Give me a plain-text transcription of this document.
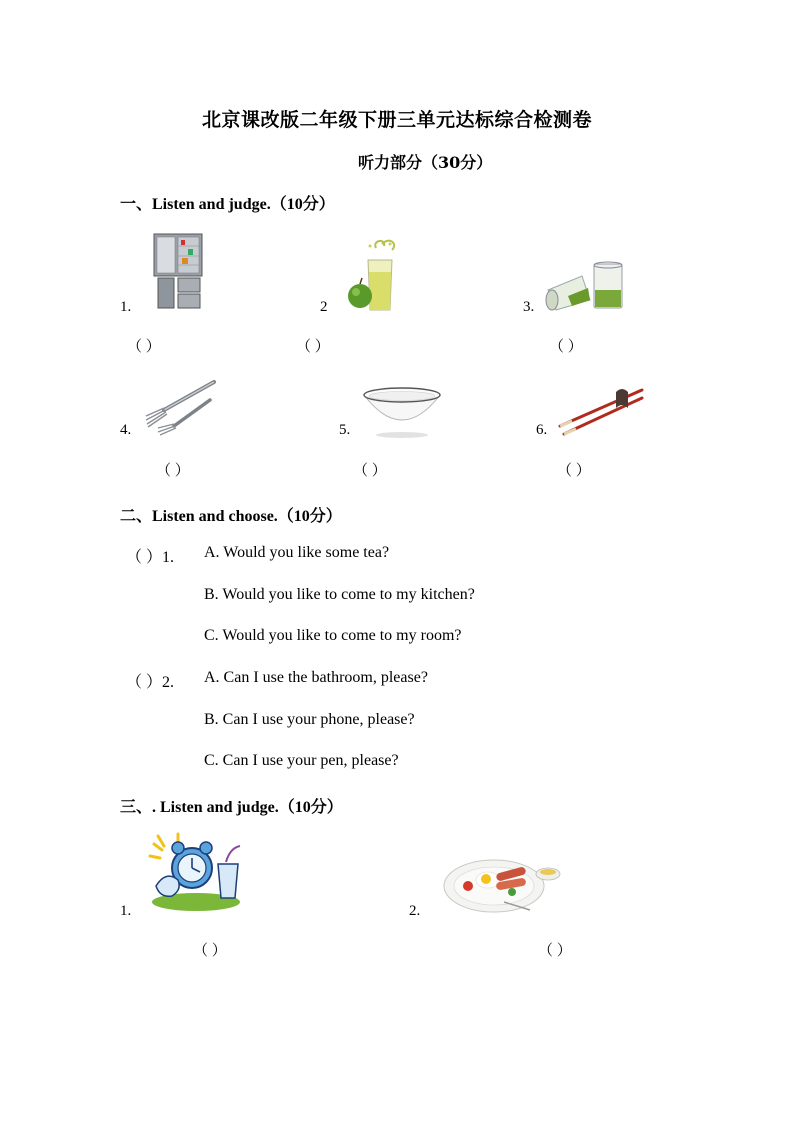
北京课改版二年级下册三单元达标综合检测卷
听力部分（30分）
一、Listen and judge.（10分）
1.
（ ）
2
（ ）
3.
（ ）
4.
（ ）
5.
（ ）
6.
（ ）
二、Listen and choose.（10分）
（ ）1. A. Would you like some tea?
B. Would you like to come to my kitchen?
C. Would you like to come to my room?
（ ）2. A. Can I use the bathroom, please?
B. Can I use your phone, please?
C. Can I use your pen, please?
三、. Listen and judge.（10分）
1.
（ ）
2.
（ ）
